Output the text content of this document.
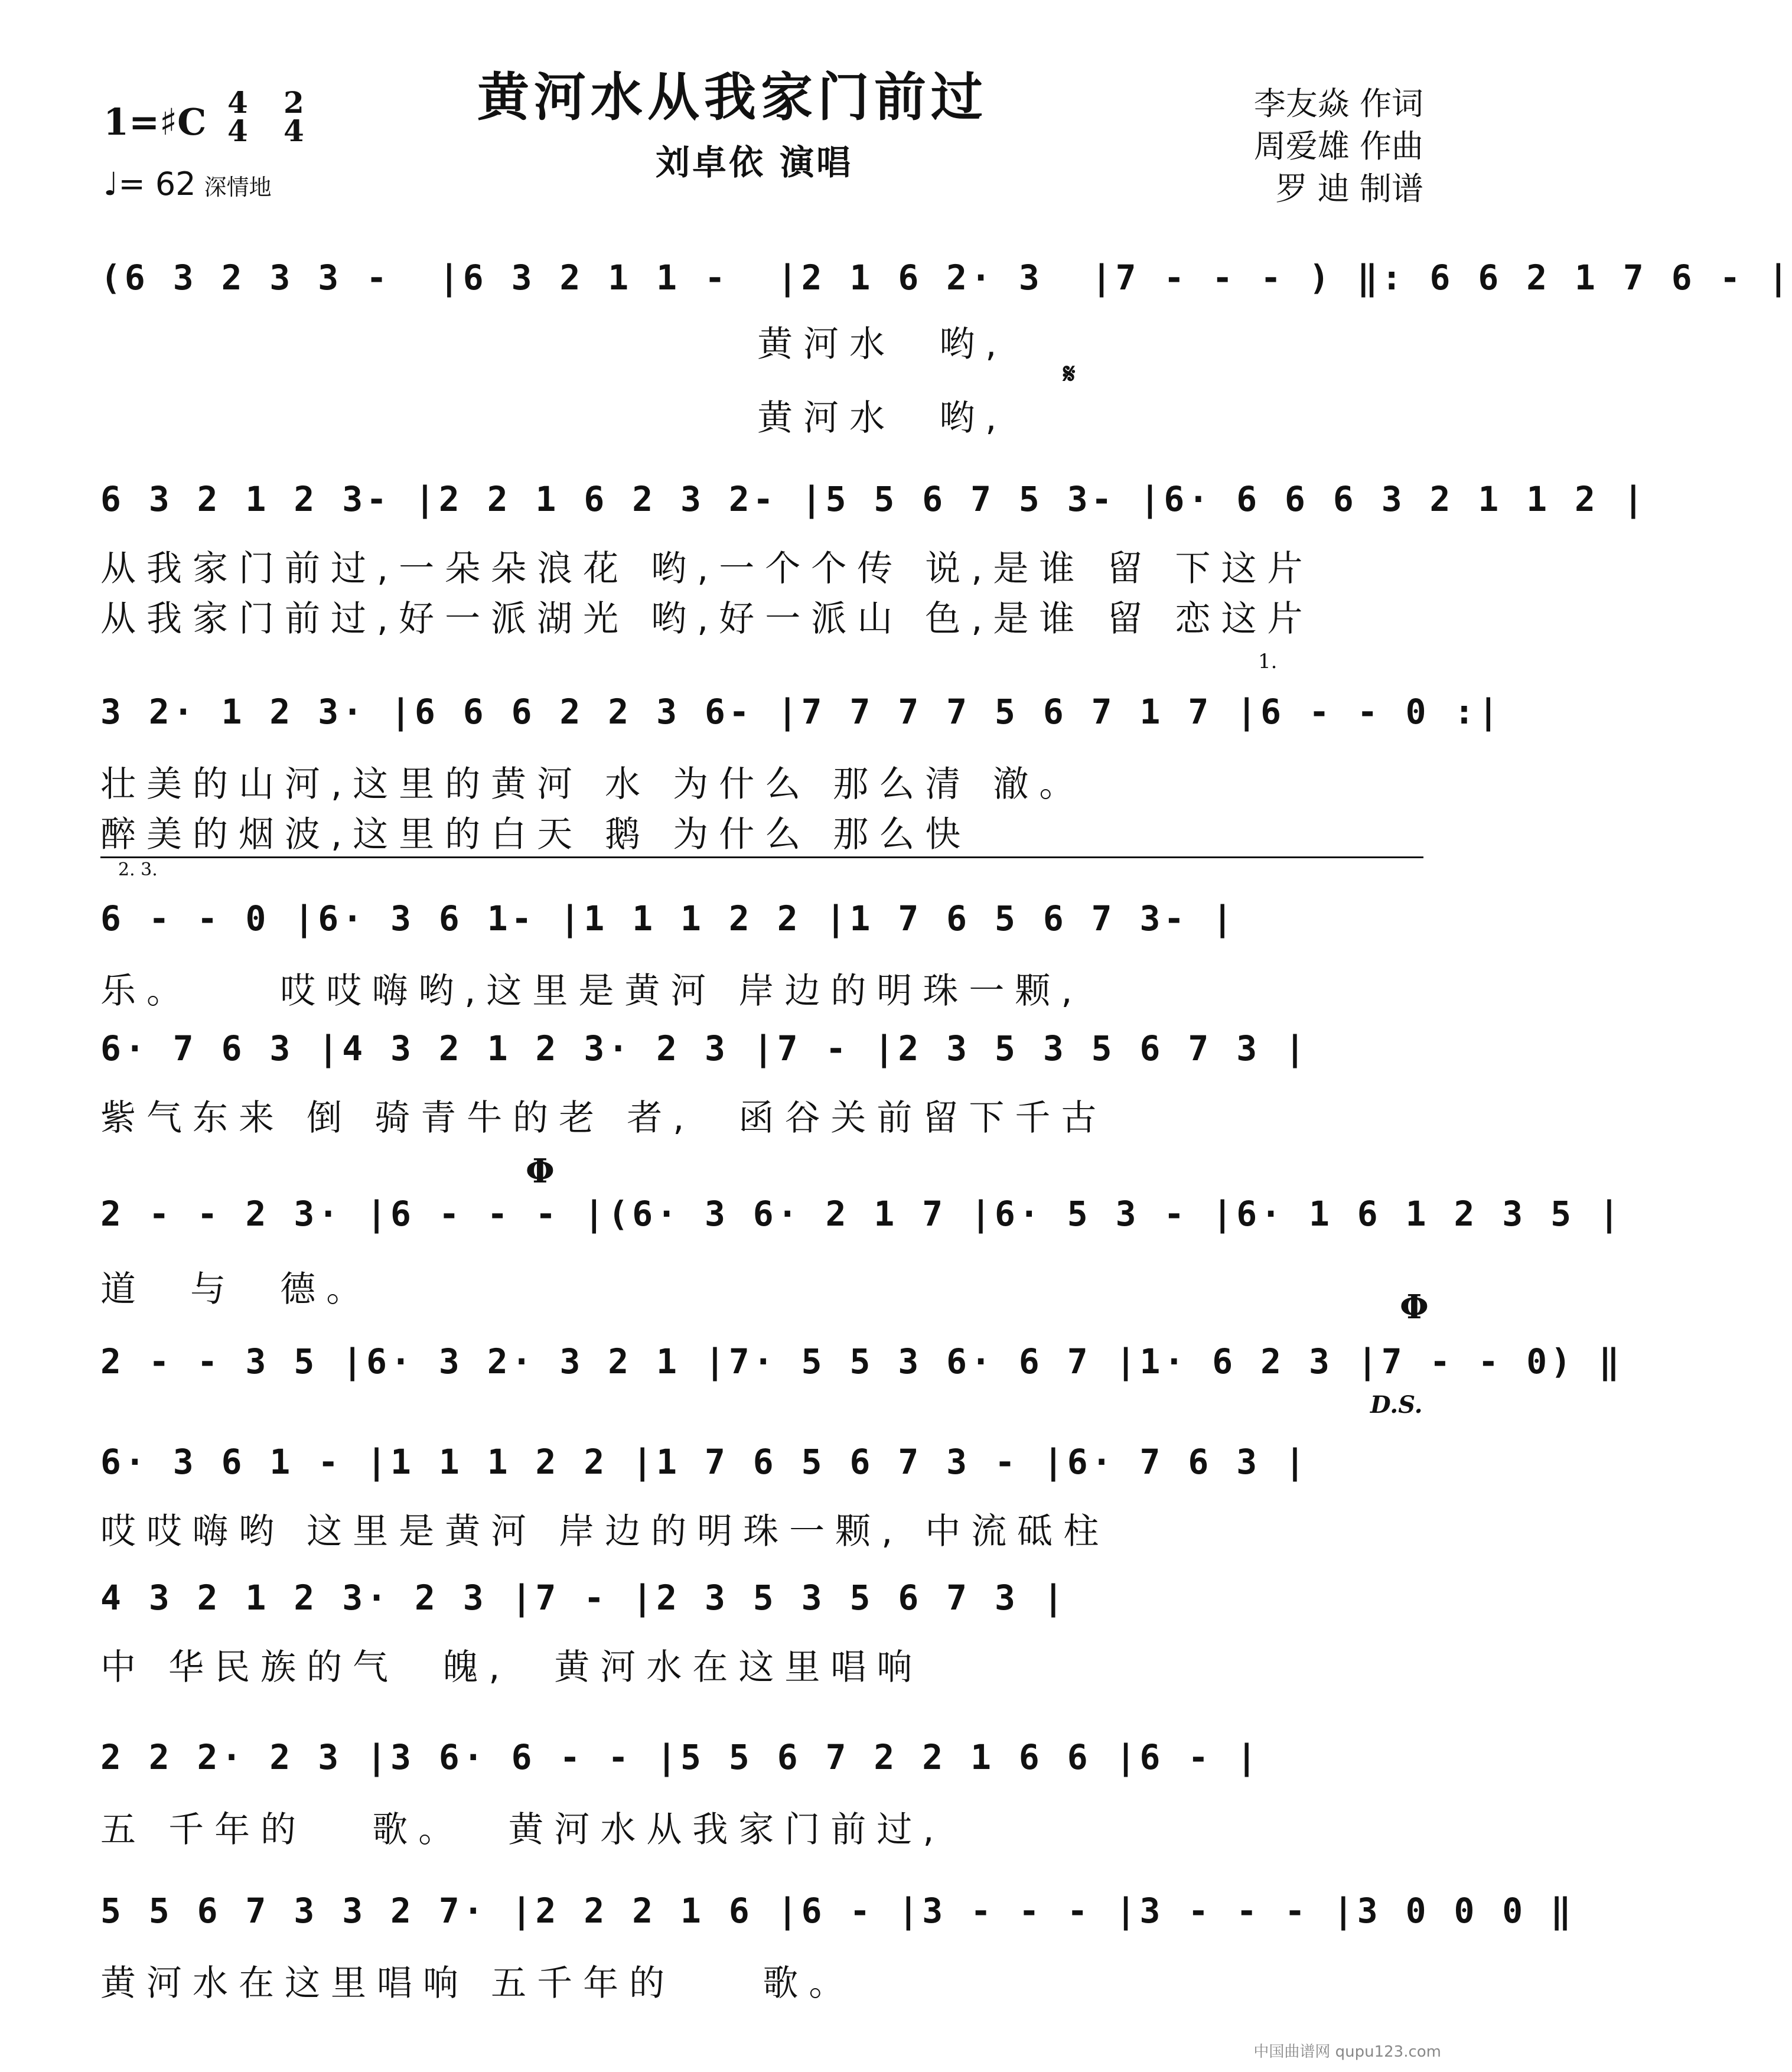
黄河水从我家门前过
刘卓依 演唱
李友焱 作词
周爱雄 作曲
罗 迪 制谱
1=♯C 4
4
2
4
♩= 62 深情地
(6 3 2 3 3 -  |6 3 2 1 1 -  |2 1 6 2· 3  |7 - - - ) ‖: 6 6 2 1 7 6 - |
黄河水  哟,
𝄋
黄河水  哟,
6 3 2 1 2 3- |2 2 1 6 2 3 2- |5 5 6 7 5 3- |6· 6 6 6 3 2 1 1 2 |
从我家门前过,一朵朵浪花 哟,一个个传 说,是谁 留 下这片
从我家门前过,好一派湖光 哟,好一派山 色,是谁 留 恋这片
1.
3 2· 1 2 3· |6 6 6 2 2 3 6- |7 7 7 7 5 6 7 1 7 |6 - - 0 :|
壮美的山河,这里的黄河 水 为什么 那么清 澈。
醉美的烟波,这里的白天 鹅 为什么 那么快
2. 3.
6 - - 0 |6· 3 6 1- |1 1 1 2 2 |1 7 6 5 6 7 3- |
乐。    哎哎嗨哟,这里是黄河 岸边的明珠一颗,
6· 7 6 3 |4 3 2 1 2 3· 2 3 |7 - |2 3 5 3 5 6 7 3 |
紫气东来 倒 骑青牛的老 者,  函谷关前留下千古
Φ
2 - - 2 3· |6 - - - |(6· 3 6· 2 1 7 |6· 5 3 - |6· 1 6 1 2 3 5 |
道  与  德。	Φ
2 - - 3 5 |6· 3 2· 3 2 1 |7· 5 5 3 6· 6 7 |1· 6 2 3 |7 - - 0) ‖
D.S.
6· 3 6 1 - |1 1 1 2 2 |1 7 6 5 6 7 3 - |6· 7 6 3 |
哎哎嗨哟 这里是黄河 岸边的明珠一颗, 中流砥柱
4 3 2 1 2 3· 2 3 |7 - |2 3 5 3 5 6 7 3 |
中 华民族的气  魄,  黄河水在这里唱响
2 2 2· 2 3 |3 6· 6 - - |5 5 6 7 2 2 1 6 6 |6 - |
五 千年的   歌。  黄河水从我家门前过,
5 5 6 7 3 3 2 7· |2 2 2 1 6 |6 - |3 - - - |3 - - - |3 0 0 0 ‖
黄河水在这里唱响 五千年的    歌。
中国曲谱网 qupu123.com
